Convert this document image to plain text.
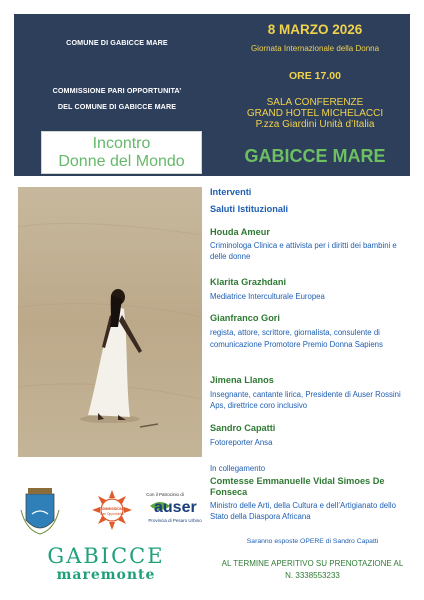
COMUNE DI GABICCE MARE
COMMISSIONE PARI OPPORTUNITA’
DEL COMUNE DI GABICCE MARE
Incontro
Donne del Mondo
8 MARZO 2026
Giornata Internazionale della Donna
ORE 17.00
SALA CONFERENZE
GRAND HOTEL MICHELACCI
P.zza Giardini Unità d’Italia
GABICCE MARE
Interventi
Saluti Istituzionali
Houda Ameur
Criminologa Clinica e attivista per i diritti dei bambini e delle donne
Klarita Grazhdani
Mediatrice Interculturale Europea
Gianfranco Gori
regista, attore, scrittore, giornalista, consulente di comunicazione Promotore Premio Donna Sapiens
Jimena Llanos
Insegnante, cantante lirica, Presidente di Auser Rossini Aps, direttrice coro inclusivo
Sandro Capatti
Fotoreporter Ansa
In collegamento
Comtesse Emmanuelle Vidal Simoes De Fonseca
Ministro delle Arti, della Cultura e dell’Artigianato dello Stato della Diaspora Africana
COMMISSIONE
Pari Opportunità
Con il Patrocinio di
auser
Provincia di Pesaro Urbino
GABICCE
maremonte
Saranno esposte OPERE di Sandro Capatti
AL TERMINE APERITIVO SU PRENOTAZIONE AL
N. 3338553233
